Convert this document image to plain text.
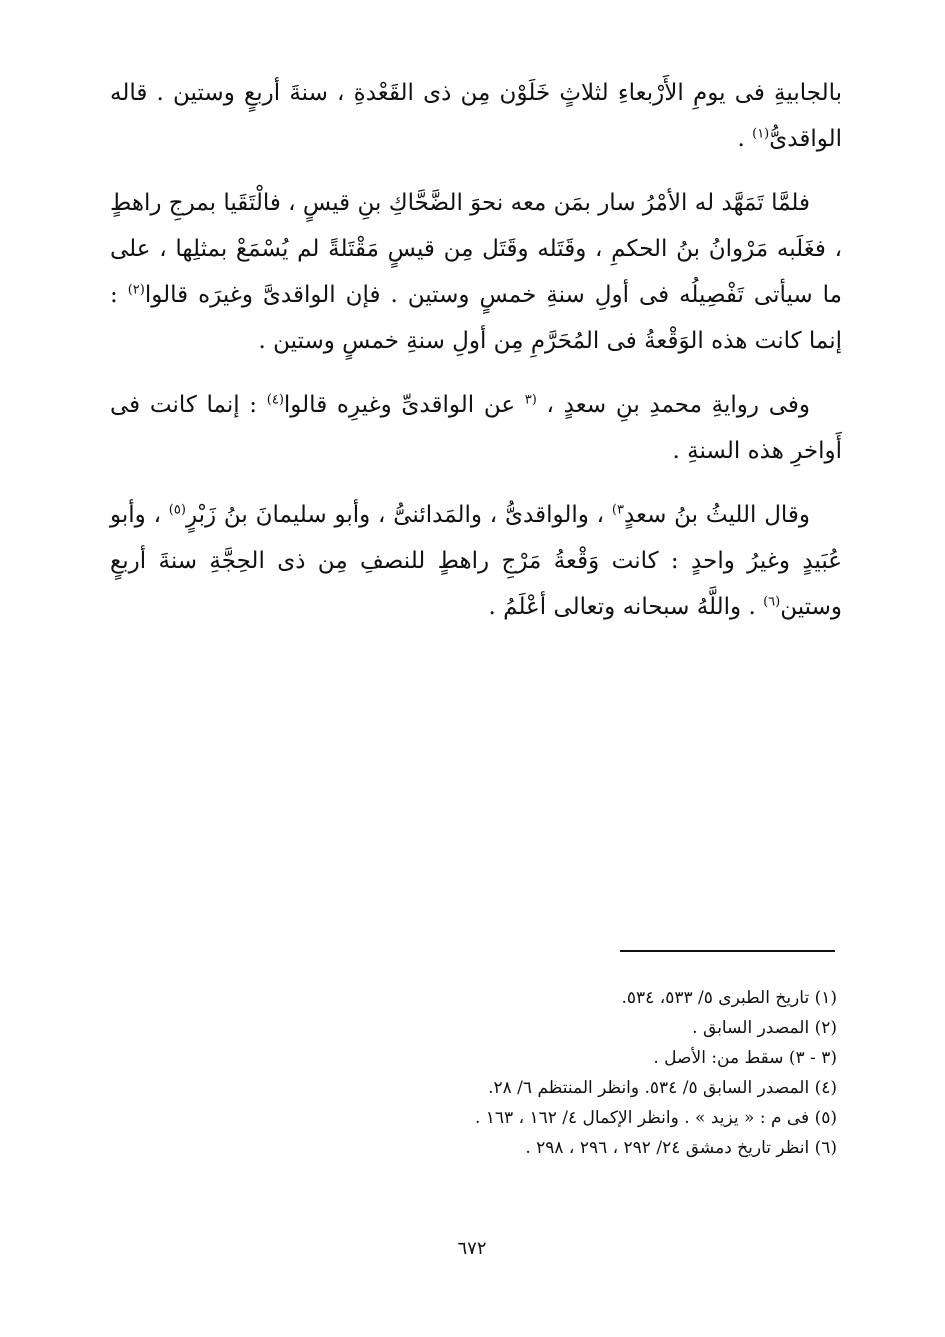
بالجابيةِ فى يومِ الأَرْبعاءِ لثلاثٍ خَلَوْن مِن ذى القَعْدةِ ، سنةَ أربعٍ وستين . قاله الواقدىُّ$^{(١)}$ .

فلمَّا تَمَهَّد له الأمْرُ سار بمَن معه نحوَ الضَّحَّاكِ بنِ قيسٍ ، فالْتَقَيا بمرجِ راهطٍ ، فغَلَبه مَرْوانُ بنُ الحكمِ ، وقَتَله وقَتَل مِن قيسٍ مَقْتَلةً لم يُسْمَعْ بمثلِها ، على ما سيأتى تَفْصِيلُه فى أولِ سنةِ خمسٍ وستين . فإن الواقدىَّ وغيرَه قالوا$^{(٢)}$ : إنما كانت هذه الوَقْعةُ فى المُحَرَّمِ مِن أولِ سنةِ خمسٍ وستين .

وفى روايةِ محمدِ بنِ سعدٍ ، $^{(٣}$ عن الواقدىِّ وغيرِه قالوا$^{(٤)}$ : إنما كانت فى أَواخرِ هذه السنةِ .

وقال الليثُ بنُ سعدٍ$^{٣)}$ ، والواقدىُّ ، والمَدائنىُّ ، وأبو سليمانَ بنُ زَبْرٍ$^{(٥)}$ ، وأبو عُبَيدٍ وغيرُ واحدٍ : كانت وَقْعةُ مَرْجِ راهطٍ للنصفِ مِن ذى الحِجَّةِ سنةَ أربعٍ وستين$^{(٦)}$ . واللَّهُ سبحانه وتعالى أعْلَمُ .

(١) تاريخ الطبرى ٥/ ٥٣٣، ٥٣٤.

(٢) المصدر السابق .

(٣ - ٣) سقط من: الأصل .

(٤) المصدر السابق ٥/ ٥٣٤. وانظر المنتظم ٦/ ٢٨.

(٥) فى م : « يزيد » . وانظر الإكمال ٤/ ١٦٢ ، ١٦٣ .

(٦) انظر تاريخ دمشق ٢٤/ ٢٩٢ ، ٢٩٦ ، ٢٩٨ .

٦٧٢
